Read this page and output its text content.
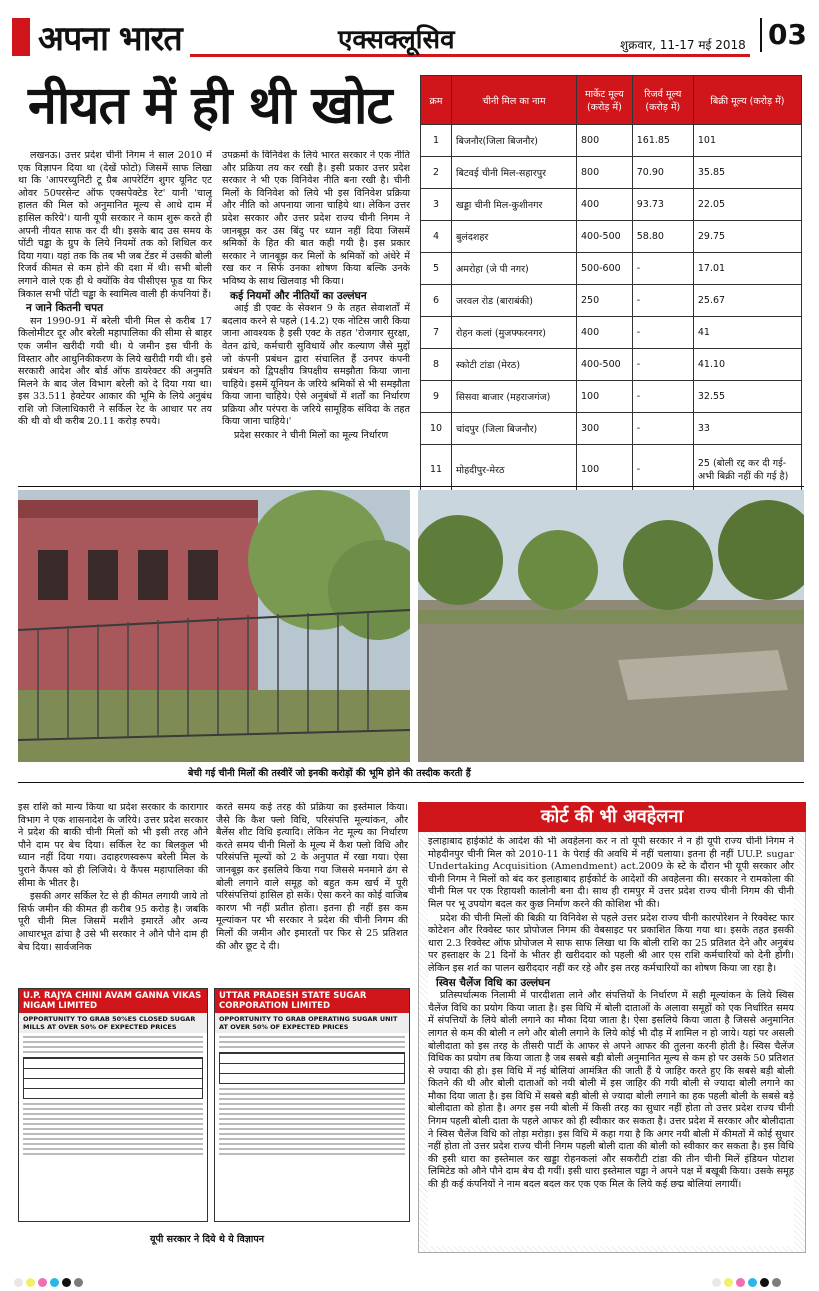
अपना भारत	एक्सक्लूसिव	शुक्रवार, 11-17 मई 2018 03
नीयत में ही थी खोट
लखनऊ। उत्तर प्रदेश चीनी निगम ने साल 2010 में एक विज्ञापन दिया था (देखें फोटो) जिसमें साफ लिखा था कि 'आपरच्युनिटी टू ग्रैब आपरेटिंग शुगर यूनिट एट ओवर 50परसेन्ट ऑफ एक्सपेक्टेड रेट' यानी 'चालू हालत की मिल को अनुमानित मूल्य से आधे दाम में हासिल करिये'। यानी यूपी सरकार ने काम शुरू करते ही अपनी नीयत साफ कर दी थी। इसके बाद उस समय के पोंटी चड्ढा के ग्रुप के लिये नियमों तक को शिथिल कर दिया गया। यहां तक कि तब भी जब टेंडर में उसकी बोली रिजर्व कीमत से कम होने की दशा में थी। सभी बोली लगाने वाले एक ही थे क्योंकि वेव पीसीएस फूड या फिर त्रिकाल सभी पोंटी चड्ढा के स्वामित्व वाली ही कंपनियां हैं।
न जाने कितनी चपत
सन 1990-91 में बरेली चीनी मिल से करीब 17 किलोमीटर दूर और बरेली महापालिका की सीमा से बाहर एक जमीन खरीदी गयी थी। ये जमीन इस चीनी के विस्तार और आधुनिकीकरण के लिये खरीदी गयी थी। इसे सरकारी आदेश और बोर्ड ऑफ डायरेक्टर की अनुमति मिलने के बाद जेल विभाग बरेली को दे दिया गया था। इस 33.511 हेक्टेयर आकार की भूमि के लिये अनुबंध राशि जो जिलाधिकारी ने सर्किल रेट के आधार पर तय की थी वो थी करीब 20.11 करोड़ रुपये।
उपक्रमों के विनिवेश के लिये भारत सरकार ने एक नीति और प्रक्रिया तय कर रखी है। इसी प्रकार उत्तर प्रदेश सरकार ने भी एक विनिवेश नीति बना रखी है। चीनी मिलों के विनिवेश को लिये भी इस विनिवेश प्रक्रिया और नीति को अपनाया जाना चाहिये था। लेकिन उत्तर प्रदेश सरकार और उत्तर प्रदेश राज्य चीनी निगम ने जानबूझ कर उस बिंदु पर ध्यान नहीं दिया जिसमें श्रमिकों के हित की बात कही गयी है। इस प्रकार सरकार ने जानबूझ कर मिलों के श्रमिकों को अंधेरे में रख कर न सिर्फ उनका शोषण किया बल्कि उनके भविष्य के साथ खिलवाड़ भी किया।
कई नियमों और नीतियों का उल्लंघन
आई डी एक्ट के सेक्शन 9 के तहत सेवाशर्तों में बदलाव करने से पहले (14.2) एक नोटिस जारी किया जाना आवश्यक है इसी एक्ट के तहत 'रोजगार सुरक्षा, वेतन ढांचे, कर्मचारी सुविधायें और कल्याण जैसे मुद्दों जो कंपनी प्रबंधन द्वारा संचालित हैं उनपर कंपनी प्रबंधन को द्विपक्षीय त्रिपक्षीय समझौता किया जाना चाहिये। इसमें यूनियन के जरिये श्रमिकों से भी समझौता किया जाना चाहिये। ऐसे अनुबंधों में शर्तों का निर्धारण प्रक्रिया और परंपरा के जरिये सामूहिक संविदा के तहत किया जाना चाहिये।'
प्रदेश सरकार ने चीनी मिलों का मूल्य निर्धारण
क्रम	चीनी मिल का नाम	मार्केट मूल्य (करोड़ में)	रिजर्व मूल्य (करोड़ में)	बिक्री मूल्य (करोड़ में)
1	बिजनौर(जिला बिजनौर)	800	161.85	101
2	बिटवई चीनी मिल-सहारपुर	800	70.90	35.85
3	खड्डा चीनी मिल-कुशीनगर	400	93.73	22.05
4	बुलंदशहर	400-500	58.80	29.75
5	अमरोहा (जे पी नगर)	500-600	-	17.01
6	जरवल रोड (बाराबंकी)	250	-	25.67
7	रोहन कलां (मुजफ्फरनगर)	400	-	41
8	स्कोटी टांडा (मेरठ)	400-500	-	41.10
9	सिसवा बाजार (महराजगंज)	100	-	32.55
10	चांदपुर (जिला बिजनौर)	300	-	33
11	मोहदीपुर-मेरठ	100	-	25 (बोली रद्द कर दी गई-अभी बिक्री नहीं की गई है)
बेची गई चीनी मिलों की तस्वीरें जो इनकी करोड़ों की भूमि होने की तस्दीक करती हैं
इस राशि को मान्य किया था प्रदेश सरकार के कारागार विभाग ने एक शासनादेश के जरिये। उत्तर प्रदेश सरकार ने प्रदेश की बाकी चीनी मिलों को भी इसी तरह औने पौने दाम पर बेच दिया। सर्किल रेट का बिलकुल भी ध्यान नहीं दिया गया। उदाहरणस्वरूप बरेली मिल के पुराने कैंपस को ही लिजिये। ये कैंपस महापालिका की सीमा के भीतर है।
इसकी अगर सर्किल रेट से ही कीमत लगायी जाये तो सिर्फ जमीन की कीमत ही करीब 95 करोड़ है। जबकि पूरी चीनी मिल जिसमें मशीने इमारतें और अन्य आधारभूत ढांचा है उसे भी सरकार ने औने पौने दाम ही बेच दिया। सार्वजनिक
करते समय कई तरह की प्रक्रिया का इस्तेमाल किया। जैसे कि कैश फ्लो विधि, परिसंपत्ति मूल्यांकन, और बैलेंस शीट विधि इत्यादि। लेकिन नेट मूल्य का निर्धारण करते समय चीनी मिलों के मूल्य में कैश फ्लो विधि और परिसंपत्ति मूल्यों को 2 के अनुपात में रखा गया। ऐसा जानबूझ कर इसलिये किया गया जिससे मनमाने ढंग से बोली लगाने वाले समूह को बहुत कम खर्च में पूरी परिसंपत्तियां हासिल हो सकें। ऐसा करने का कोई वाजिब कारण भी नहीं प्रतीत होता। इतना ही नहीं इस कम मूल्यांकन पर भी सरकार ने प्रदेश की चीनी निगम की मिलों की जमीन और इमारतों पर फिर से 25 प्रतिशत की और छूट दे दी।
U.P. RAJYA CHINI AVAM GANNA VIKAS NIGAM LIMITED
OPPORTUNITY TO GRAB 50%ES CLOSED SUGAR MILLS AT OVER 50% OF EXPECTED PRICES
UTTAR PRADESH STATE SUGAR CORPORATION LIMITED
OPPORTUNITY TO GRAB OPERATING SUGAR UNIT AT OVER 50% OF EXPECTED PRICES
यूपी सरकार ने दिये थे ये विज्ञापन
कोर्ट की भी अवहेलना
इलाहाबाद हाईकोर्ट के आदेश की भी अवहेलना कर न तो यूपी सरकार ने न ही यूपी राज्य चीनी निगम ने मोहदीनपुर चीनी मिल को 2010-11 के पेराई की अवधि में नहीं चलाया। इतना ही नहीं UU.P. sugar Undertaking Acquisition (Amendment) act.2009 के स्टे के दौरान भी यूपी सरकार और चीनी निगम ने मिलों को बंद कर इलाहाबाद हाईकोर्ट के आदेशों की अवहेलना की। सरकार ने रामकोला की चीनी मिल पर एक रिहायशी कालोनी बना दी। साथ ही रामपुर में उत्तर प्रदेश राज्य चीनी निगम की चीनी मिल पर भू उपयोग बदल कर कुछ निर्माण करने की कोशिश भी की।
प्रदेश की चीनी मिलों की बिक्री या विनिवेश से पहले उत्तर प्रदेश राज्य चीनी कारपोरेशन ने रिक्वेस्ट फार कोटेशन और रिक्वेस्ट फार प्रोपोजल निगम की वेबसाइट पर प्रकाशित किया गया था। इसके तहत इसकी धारा 2.3 रिक्वेस्ट ऑफ प्रोपोजल मे साफ साफ लिखा था कि बोली राशि का 25 प्रतिशत देने और अनुबंध पर हस्ताक्षर के 21 दिनों के भीतर ही खरीददार को पहली श्री आर एस राशि कर्मचारियों को देनी होगी। लेकिन इस शर्त का पालन खरीददार नहीं कर रहे और इस तरह कर्मचारियों का शोषण किया जा रहा है।
स्विस चैलेंज विधि का उल्लंघन
प्रतिस्पर्धात्मक निलामी में पारदीशता लाने और संपत्तियों के निर्धारण में सही मूल्यांकन के लिये स्विस चैलेंज विधि का प्रयोग किया जाता है। इस विधि में बोली दाताओं के अलावा समूहों को एक निर्धारित समय में संपत्तियों के लिये बोली लगाने का मौका दिया जाता है। ऐसा इसलिये किया जाता है जिससे अनुमानित लागत से कम की बोली न लगे और बोली लगाने के लिये कोई भी दौड़ में शामिल न हो जाये। यहां पर असली बोलीदाता को इस तरह के तीसरी पार्टी के आफर से अपने आफर की तुलना करनी होती है। स्विस चैलेंज विधिक का प्रयोग तब किया जाता है जब सबसे बड़ी बोली अनुमानित मूल्य से कम हो पर उसके 50 प्रतिशत से ज्यादा की हो। इस विधि में नई बोलियां आमंत्रित की जाती हैं ये जाहिर करते हुए कि सबसे बड़ी बोली कितने की थी और बोली दाताओं को नयी बोली में इस जाहिर की गयी बोली से ज्यादा बोली लगाने का मौका दिया जाता है। इस विधि में सबसे बड़ी बोली से ज्यादा बोली लगाने का हक पहली बोली के सबसे बड़े बोलीदाता को होता है। अगर इस नयी बोली में किसी तरह का सुधार नहीं होता तो उत्तर प्रदेश राज्य चीनी निगम पहली बोली दाता के पहले आफर को ही स्वीकार कर सकता है। उत्तर प्रदेश में सरकार और बोलीदाता ने स्विस चैलेंज विधि को तोड़ा मरोड़ा। इस विधि में कहा गया है कि अगर नयी बोली में कीमतों में कोई सुधार नहीं होता तो उत्तर प्रदेश राज्य चीनी निगम पहली बोली दाता की बोली को स्वीकार कर सकता है। इस विधि की इसी धारा का इस्तेमाल कर खड्डा रोहनकलां और सकरौटी टांडा की तीन चीनी मिलें इंडियन पोटाश लिमिटेड को औने पौने दाम बेच दी गयीं। इसी धारा इस्तेमाल चड्ढा ने अपने पक्ष में बखूबी किया। उसके समूह की ही कई कंपनियों ने नाम बदल बदल कर एक एक मिल के लिये कई छद्म बोलियां लगायीं।
